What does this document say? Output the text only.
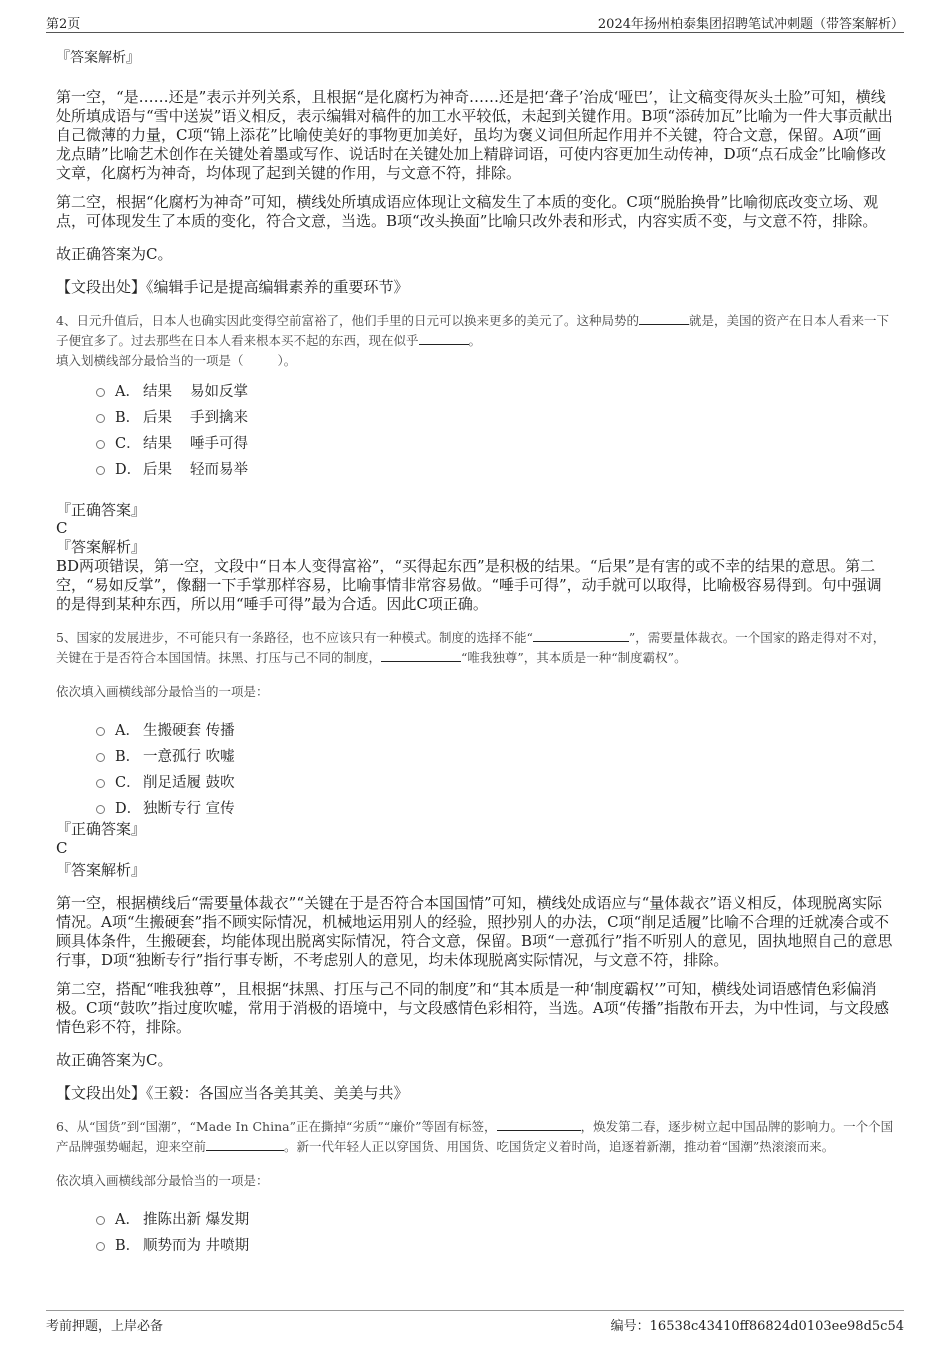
第2页	2024年扬州柏泰集团招聘笔试冲刺题（带答案解析）

『答案解析』

第一空，“是……还是”表示并列关系，且根据“是化腐朽为神奇……还是把‘聋子’治成‘哑巴’，让文稿变得灰头土脸”可知，横线处所填成语与“雪中送炭”语义相反，表示编辑对稿件的加工水平较低，未起到关键作用。B项“添砖加瓦”比喻为一件大事贡献出自己微薄的力量，C项“锦上添花”比喻使美好的事物更加美好，虽均为褒义词但所起作用并不关键，符合文意，保留。A项“画龙点睛”比喻艺术创作在关键处着墨或写作、说话时在关键处加上精辟词语，可使内容更加生动传神，D项“点石成金”比喻修改文章，化腐朽为神奇，均体现了起到关键的作用，与文意不符，排除。

第二空，根据“化腐朽为神奇”可知，横线处所填成语应体现让文稿发生了本质的变化。C项“脱胎换骨”比喻彻底改变立场、观点，可体现发生了本质的变化，符合文意，当选。B项“改头换面”比喻只改外表和形式，内容实质不变，与文意不符，排除。

故正确答案为C。

【文段出处】《编辑手记是提高编辑素养的重要环节》

4、日元升值后，日本人也确实因此变得空前富裕了，他们手里的日元可以换来更多的美元了。这种局势的	就是，美国的资产在日本人看来一下子便宜多了。过去那些在日本人看来根本买不起的东西，现在似乎	。

填入划横线部分最恰当的一项是（	）。

A． 结果 易如反掌
B． 后果 手到擒来
C． 结果 唾手可得
D． 后果 轻而易举

『正确答案』

C

『答案解析』

BD两项错误，第一空，文段中“日本人变得富裕”，“买得起东西”是积极的结果。“后果”是有害的或不幸的结果的意思。第二空，“易如反掌”，像翻一下手掌那样容易，比喻事情非常容易做。“唾手可得”，动手就可以取得，比喻极容易得到。句中强调的是得到某种东西，所以用“唾手可得”最为合适。因此C项正确。

5、国家的发展进步，不可能只有一条路径，也不应该只有一种模式。制度的选择不能“	”，需要量体裁衣。一个国家的路走得对不对，关键在于是否符合本国国情。抹黑、打压与己不同的制度，	“唯我独尊”，其本质是一种“制度霸权”。

依次填入画横线部分最恰当的一项是：

A． 生搬硬套 传播
B． 一意孤行 吹嘘
C． 削足适履 鼓吹
D． 独断专行 宣传

『正确答案』

C

『答案解析』

第一空，根据横线后“需要量体裁衣”“关键在于是否符合本国国情”可知，横线处成语应与“量体裁衣”语义相反，体现脱离实际情况。A项“生搬硬套”指不顾实际情况，机械地运用别人的经验，照抄别人的办法，C项“削足适履”比喻不合理的迁就凑合或不顾具体条件，生搬硬套，均能体现出脱离实际情况，符合文意，保留。B项“一意孤行”指不听别人的意见，固执地照自己的意思行事，D项“独断专行”指行事专断，不考虑别人的意见，均未体现脱离实际情况，与文意不符，排除。

第二空，搭配“唯我独尊”，且根据“抹黑、打压与己不同的制度”和“其本质是一种‘制度霸权’”可知，横线处词语感情色彩偏消极。C项“鼓吹”指过度吹嘘，常用于消极的语境中，与文段感情色彩相符，当选。A项“传播”指散布开去，为中性词，与文段感情色彩不符，排除。

故正确答案为C。

【文段出处】《王毅：各国应当各美其美、美美与共》

6、从“国货”到“国潮”，“Made In China”正在撕掉“劣质”“廉价”等固有标签，	，焕发第二春，逐步树立起中国品牌的影响力。一个个国产品牌强势崛起，迎来空前	。新一代年轻人正以穿国货、用国货、吃国货定义着时尚，追逐着新潮，推动着“国潮”热滚滚而来。

依次填入画横线部分最恰当的一项是：

A． 推陈出新 爆发期
B． 顺势而为 井喷期
考前押题，上岸必备	编号：16538c43410ff86824d0103ee98d5c54
